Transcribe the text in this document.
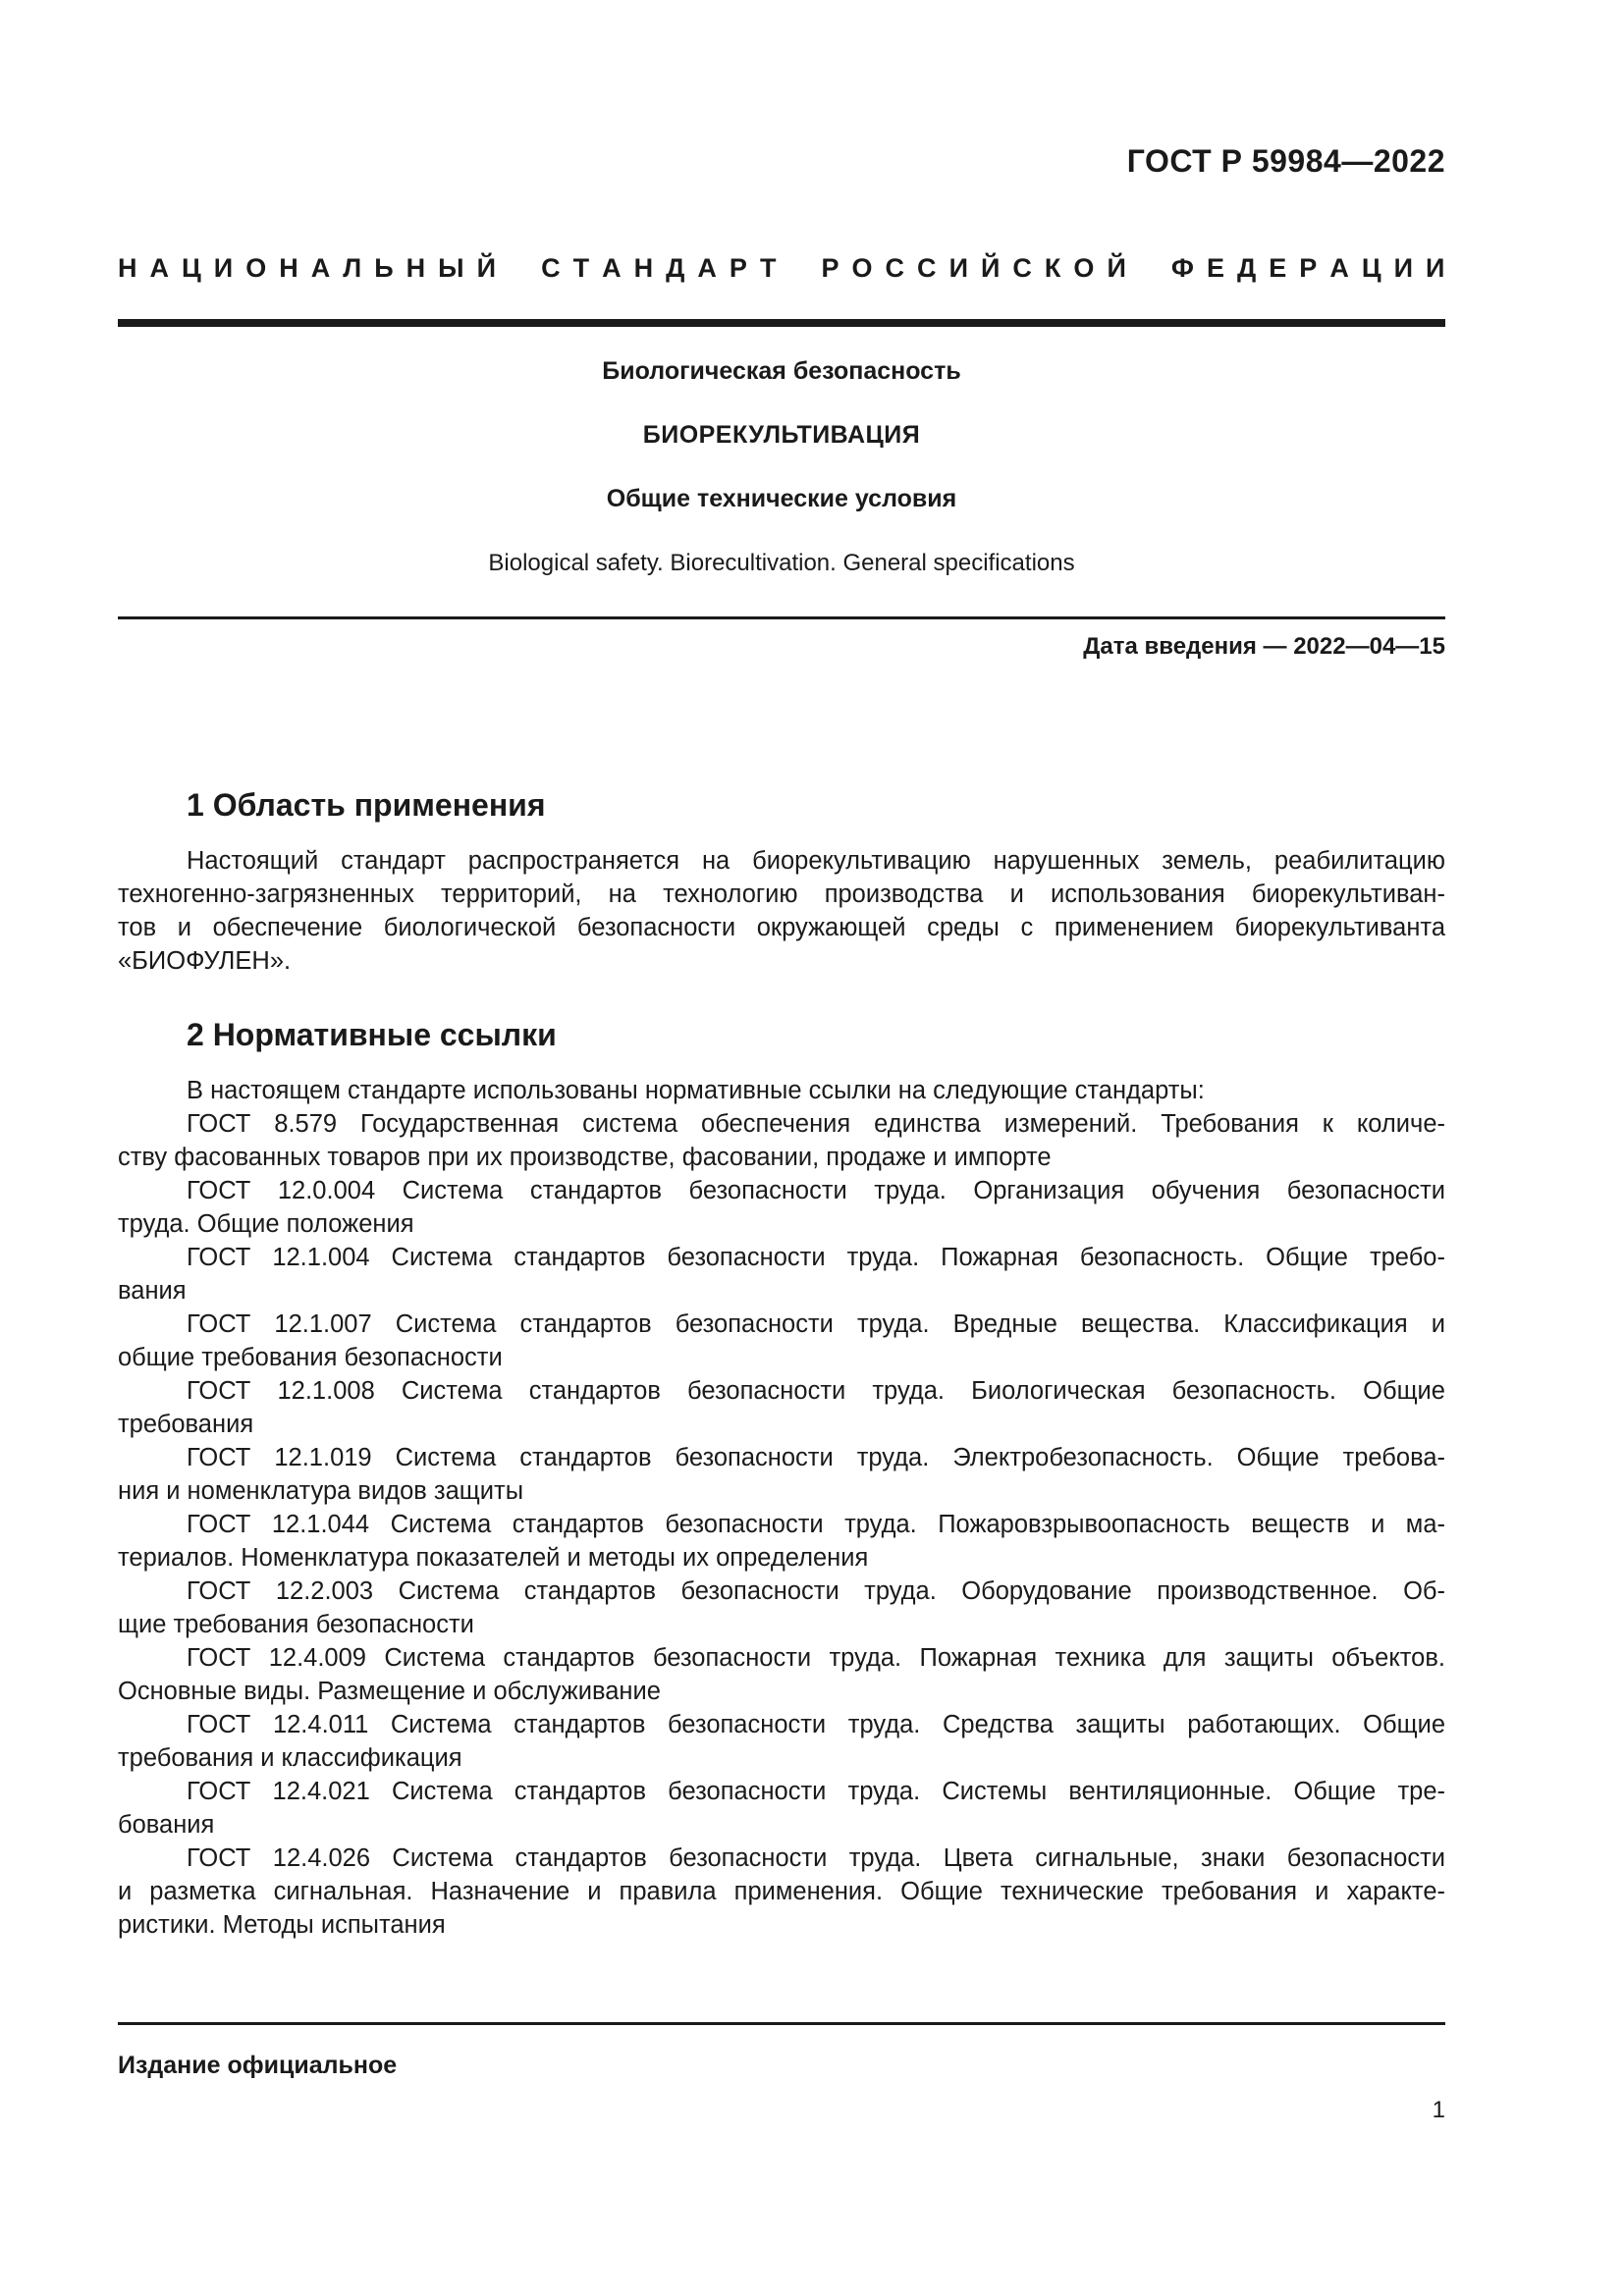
ГОСТ Р 59984—2022
Н А Ц И О Н А Л Ь Н Ы Й С Т А Н Д А Р Т Р О С С И Й С К О Й Ф Е Д Е Р А Ц И И
Биологическая безопасность
БИОРЕКУЛЬТИВАЦИЯ
Общие технические условия
Biological safety. Biorecultivation. General specifications
Дата введения — 2022—04—15
1 Область применения
Настоящий стандарт распространяется на биорекультивацию нарушенных земель, реабилитацию
техногенно-загрязненных территорий, на технологию производства и использования биорекультиван-
тов и обеспечение биологической безопасности окружающей среды с применением биорекультиванта
«БИОФУЛЕН».
2 Нормативные ссылки
В настоящем стандарте использованы нормативные ссылки на следующие стандарты:
ГОСТ 8.579 Государственная система обеспечения единства измерений. Требования к количе-
ству фасованных товаров при их производстве, фасовании, продаже и импорте
ГОСТ 12.0.004 Система стандартов безопасности труда. Организация обучения безопасности
труда. Общие положения
ГОСТ 12.1.004 Система стандартов безопасности труда. Пожарная безопасность. Общие требо-
вания
ГОСТ 12.1.007 Система стандартов безопасности труда. Вредные вещества. Классификация и
общие требования безопасности
ГОСТ 12.1.008 Система стандартов безопасности труда. Биологическая безопасность. Общие
требования
ГОСТ 12.1.019 Система стандартов безопасности труда. Электробезопасность. Общие требова-
ния и номенклатура видов защиты
ГОСТ 12.1.044 Система стандартов безопасности труда. Пожаровзрывоопасность веществ и ма-
териалов. Номенклатура показателей и методы их определения
ГОСТ 12.2.003 Система стандартов безопасности труда. Оборудование производственное. Об-
щие требования безопасности
ГОСТ 12.4.009 Система стандартов безопасности труда. Пожарная техника для защиты объектов.
Основные виды. Размещение и обслуживание
ГОСТ 12.4.011 Система стандартов безопасности труда. Средства защиты работающих. Общие
требования и классификация
ГОСТ 12.4.021 Система стандартов безопасности труда. Системы вентиляционные. Общие тре-
бования
ГОСТ 12.4.026 Система стандартов безопасности труда. Цвета сигнальные, знаки безопасности
и разметка сигнальная. Назначение и правила применения. Общие технические требования и характе-
ристики. Методы испытания
Издание официальное
1
